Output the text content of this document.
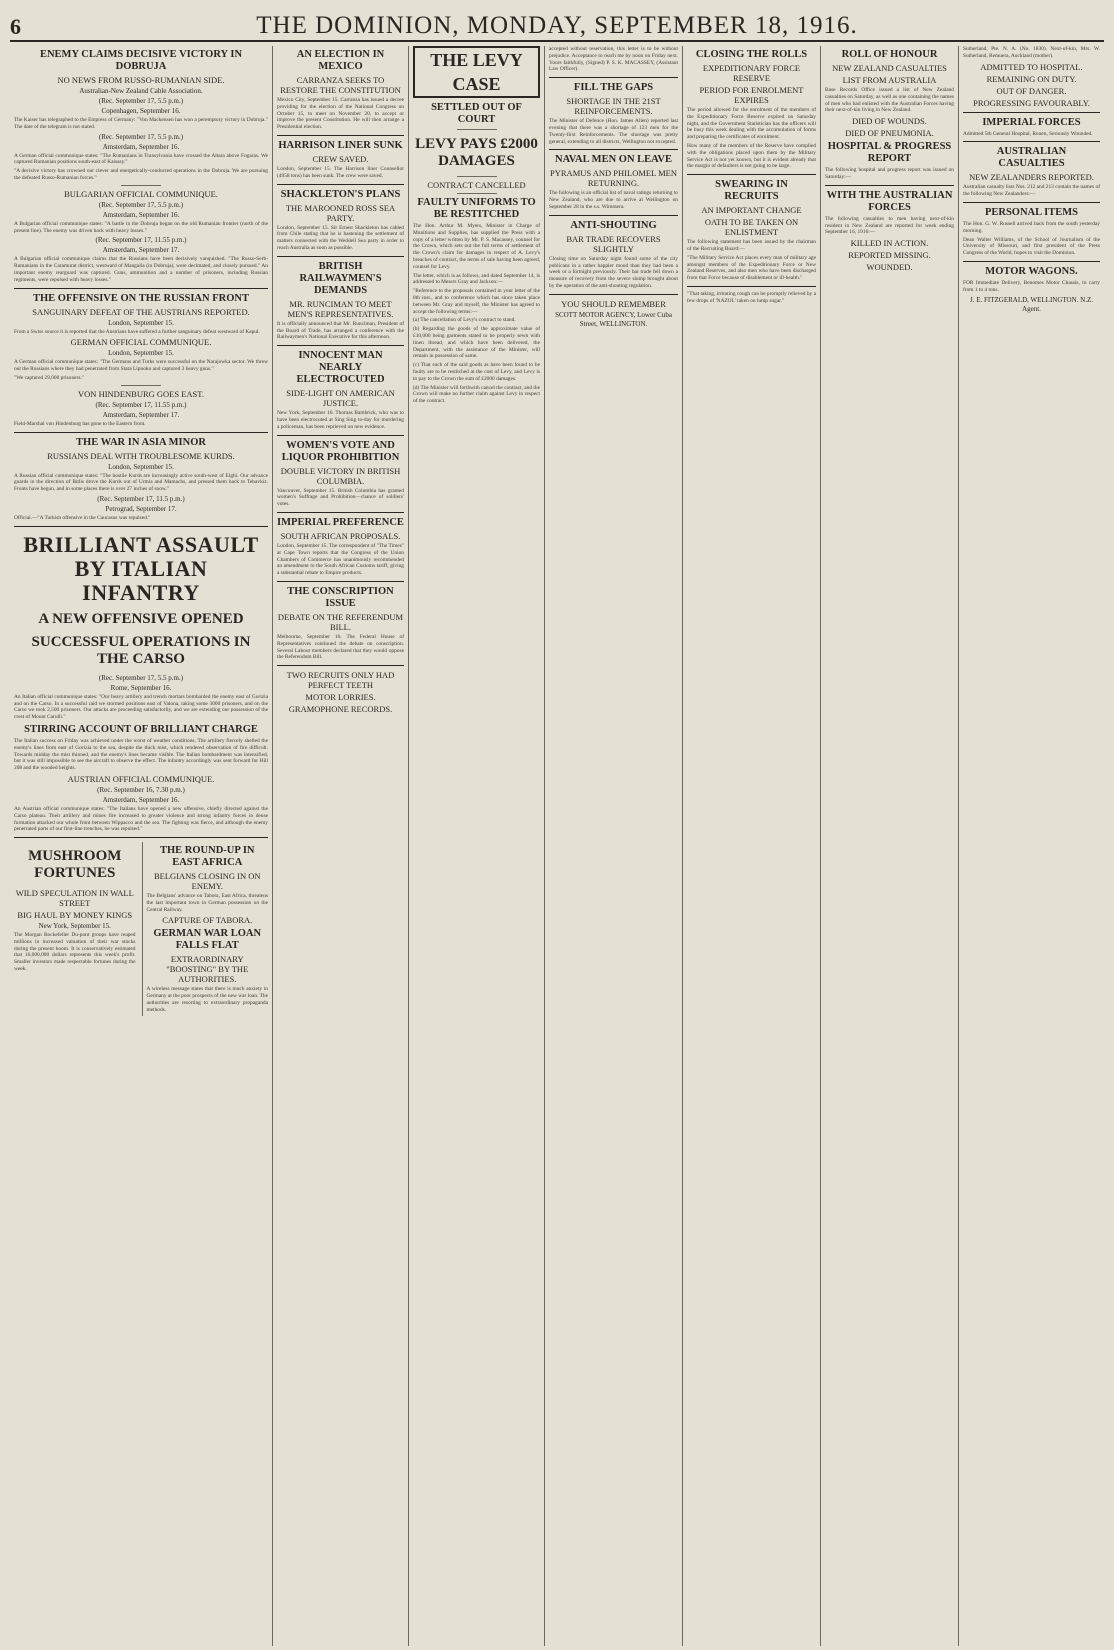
6	THE DOMINION, MONDAY, SEPTEMBER 18, 1916.
ENEMY CLAIMS DECISIVE VICTORY IN DOBRUJA
NO NEWS FROM RUSSO-RUMANIAN SIDE.
Australian-New Zealand Cable Association.
(Rec. September 17, 5.5 p.m.)
Copenhagen, September 16.

The Kaiser has telegraphed to the Empress of Germany: "Von Mackensen has won a peremptory victory in Dobruja." The date of the telegram is not stated.

(Rec. September 17, 5.5 p.m.)
Amsterdam, September 16.

A German official communique states: "The Rumanians in Transylvania have crossed the Altara above Fogaras. We captured Rumanian positions south-east of Kaisasy."

"A decisive victory has crowned our clever and energetically-conducted operations in the Dobruja. We are pursuing the defeated Russo-Rumanian forces."

BULGARIAN OFFICIAL COMMUNIQUE.
(Rec. September 17, 5.5 p.m.)
Amsterdam, September 16.

A Bulgarian official communique states: "A battle in the Dobruja began on the old Rumanian frontier (north of the present line). The enemy was driven back with heavy losses."

(Rec. September 17, 11.55 p.m.)
Amsterdam, September 17.

A Bulgarian official communique claims that the Russians have been decisively vanquished. "The Russo-Serb-Rumanians in the Caramurat district, westward of Mangalia (in Dobruja), were decimated, and closely pursued." An important enemy rearguard was captured. Guns, ammunition and a number of prisoners, including Russian regiments, were repulsed with heavy losses."

THE OFFENSIVE ON THE RUSSIAN FRONT
SANGUINARY DEFEAT OF THE AUSTRIANS REPORTED.
London, September 15.

From a Swiss source it is reported that the Austrians have suffered a further sanguinary defeat westward of Kapul.

GERMAN OFFICIAL COMMUNIQUE.
London, September 15.

A German official communique states: "The Germans and Turks were successful on the Narajowka sector. We threw out the Russians where they had penetrated from Stara Lipnoko and captured 3 heavy guns."

"We captured 29,000 prisoners."

VON HINDENBURG GOES EAST.
(Rec. September 17, 11.55 p.m.)
Amsterdam, September 17.

Field-Marshal von Hindenburg has gone to the Eastern front.

THE WAR IN ASIA MINOR
RUSSIANS DEAL WITH TROUBLESOME KURDS.
London, September 15.

A Russian official communique states: "The hostile Kurds are increasingly active south-west of Elghi. Our advance guards in the direction of Bitlis drove the Kurds out of Urmia and Mamachs, and pressed them back to Tebavkiz. Fronts have begun, and in some places there is over 27 inches of snow."

(Rec. September 17, 11.5 p.m.)
Petrograd, September 17.

Official.—"A Turkish offensive in the Caucasus was repulsed."

BRILLIANT ASSAULT BY ITALIAN INFANTRY
A NEW OFFENSIVE OPENED
SUCCESSFUL OPERATIONS IN THE CARSO
(Rec. September 17, 5.5 p.m.)
Rome, September 16.

An Italian official communique states: "Our heavy artillery and trench mortars bombarded the enemy east of Gorizia and on the Carso. In a successful raid we stormed positions east of Valona, taking some 3000 prisoners, and on the Carso we took 2,500 prisoners. Our attacks are proceeding satisfactorily, and we are extending our possession of the crest of Mount Carulli."

STIRRING ACCOUNT OF BRILLIANT CHARGE

The Italian success on Friday was achieved under the worst of weather conditions. The artillery fiercely shelled the enemy's lines from east of Gorizia to the sea, despite the thick mist, which rendered observation of fire difficult. Towards midday the mist thinned, and the enemy's lines became visible. The Italian bombardment was intensified, but it was still impossible to see the aircraft to observe the effect. The infantry accordingly was sent forward for Hill 208 and the wooded heights.

AUSTRIAN OFFICIAL COMMUNIQUE.
(Rec. September 16, 7.30 p.m.)
Amsterdam, September 16.

An Austrian official communique states: "The Italians have opened a new offensive, chiefly directed against the Carso plateau. Their artillery and mines fire increased to greater violence and strong infantry forces in dense formation attacked our whole front between Wippacco and the sea. The fighting was fierce, and although the enemy penetrated parts of our first-line trenches, he was repulsed."

MUSHROOM FORTUNES
WILD SPECULATION IN WALL STREET
BIG HAUL BY MONEY KINGS
New York, September 15.

The Morgan Rockefeller Du-pont groups have reaped millions in increased valuation of their war stocks during the present boom. It is conservatively estimated that 16,000,000 dollars represents this week's profit. Smaller investors made respectable fortunes during the week.

THE ROUND-UP IN EAST AFRICA
BELGIANS CLOSING IN ON ENEMY.

The Belgians' advance on Tabora, East Africa, threatens the last important town in German possession on the Central Railway.

CAPTURE OF TABORA.
GERMAN WAR LOAN FALLS FLAT
EXTRAORDINARY "BOOSTING" BY THE AUTHORITIES.

A wireless message states that there is much anxiety in Germany at the poor prospects of the new war loan. The authorities are resorting to extraordinary propaganda methods.

AN ELECTION IN MEXICO
CARRANZA SEEKS TO RESTORE THE CONSTITUTION

Mexico City, September 15. Carranza has issued a decree providing for the election of the National Congress on October 15, to meet on November 20, to accept or improve the present Constitution. He will then arrange a Presidential election.

HARRISON LINER SUNK
CREW SAVED.

London, September 15. The Harrison liner Counsellor (4958 tons) has been sunk. The crew were saved.

SHACKLETON'S PLANS
THE MAROONED ROSS SEA PARTY.

London, September 15. Sir Ernest Shackleton has cabled from Chile stating that he is hastening the settlement of matters connected with the Weddell Sea party in order to reach Australia as soon as possible.

BRITISH RAILWAYMEN'S DEMANDS
MR. RUNCIMAN TO MEET MEN'S REPRESENTATIVES.

It is officially announced that Mr. Runciman, President of the Board of Trade, has arranged a conference with the Railwaymen's National Executive for this afternoon.

INNOCENT MAN NEARLY ELECTROCUTED
SIDE-LIGHT ON AMERICAN JUSTICE.

New York, September 16. Thomas Bambrick, who was to have been electrocuted at Sing Sing to-day for murdering a policeman, has been reprieved on new evidence.

WOMEN'S VOTE AND LIQUOR PROHIBITION
DOUBLE VICTORY IN BRITISH COLUMBIA.

Vancouver, September 15. British Columbia has granted women's Suffrage and Prohibition—chance of soldiers' votes.

IMPERIAL PREFERENCE
SOUTH AFRICAN PROPOSALS.

London, September 15. The correspondent of "The Times" at Cape Town reports that the Congress of the Union Chambers of Commerce has unanimously recommended an amendment to the South African Customs tariff, giving a substantial rebate to Empire products.

THE CONSCRIPTION ISSUE
DEBATE ON THE REFERENDUM BILL.

Melbourne, September 16. The Federal House of Representatives continued the debate on conscription. Several Labour members declared that they would oppose the Referendum Bill.

TWO RECRUITS ONLY HAD PERFECT TEETH
MOTOR LORRIES.
GRAMOPHONE RECORDS.
THE LEVY CASE
SETTLED OUT OF COURT
LEVY PAYS £2000 DAMAGES
CONTRACT CANCELLED
FAULTY UNIFORMS TO BE RESTITCHED

The Hon. Arthur M. Myers, Minister in Charge of Munitions and Supplies, has supplied the Press with a copy of a letter written by Mr. P. S. Macassey, counsel for the Crown, which sets out the full terms of settlement of the Crown's claim for damages in respect of A. Levy's breaches of contract, the terms of sale having been agreed, counsel for Levy.

The letter, which is as follows, and dated September 14, is addressed to Messrs Gray and Jackson:—

"Reference to the proposals contained in your letter of the 8th inst., and to conference which has since taken place between Mr. Gray and myself, the Minister has agreed to accept the following terms:—

(a) The cancellation of Levy's contract to stand.

(b) Regarding the goods of the approximate value of £10,000 being garments stated to be properly sewn with linen thread, and which have been delivered, the Department, with the assistance of the Minister, will remain in possession of same.

(c) That such of the said goods as have been found to be faulty are to be restitched at the cost of Levy, and Levy is to pay to the Crown the sum of £2000 damages.

(d) The Minister will forthwith cancel the contract, and the Crown will make no further claim against Levy in respect of the contract.

accepted without reservation, this letter is to be without prejudice. Acceptance to reach me by noon on Friday next. Yours faithfully, (Signed) P. S. K. MACASSEY, (Assistant Law Officer).

FILL THE GAPS
SHORTAGE IN THE 21ST REINFORCEMENTS.

The Minister of Defence (Hon. James Allen) reported last evening that there was a shortage of 123 men for the Twenty-first Reinforcements. The shortage was pretty general, extending to all districts, Wellington not excepted.

NAVAL MEN ON LEAVE
PYRAMUS AND PHILOMEL MEN RETURNING.

The following is an official list of naval ratings returning to New Zealand, who are due to arrive at Wellington on September 28 in the s.s. Wimmera.

ANTI-SHOUTING
BAR TRADE RECOVERS SLIGHTLY

Closing time on Saturday night found some of the city publicans in a rather happier mood than they had been a week or a fortnight previously. Their bar trade fell down a measure of recovery from the severe slump brought about by the operation of the anti-shouting regulation.

YOU SHOULD REMEMBER
SCOTT MOTOR AGENCY, Lower Cuba Street, WELLINGTON.
CLOSING THE ROLLS
EXPEDITIONARY FORCE RESERVE
PERIOD FOR ENROLMENT EXPIRES

The period allowed for the enrolment of the members of the Expeditionary Force Reserve expired on Saturday night, and the Government Statistician has the officers will be busy this week dealing with the accumulation of forms and preparing the certificates of enrolment.

How many of the members of the Reserve have complied with the obligations placed upon them by the Military Service Act is not yet known, but it is evident already that the margin of defaulters is not going to be large.

SWEARING IN RECRUITS
AN IMPORTANT CHANGE
OATH TO BE TAKEN ON ENLISTMENT

The following statement has been issued by the chairman of the Recruiting Board:—

"The Military Service Act places every man of military age amongst members of the Expeditionary Force or New Zealand Reserves, and also men who have been discharged from that Force because of disablement or ill-health."

"That taking, irritating cough can be promptly relieved by a few drops of 'NAZOL' taken on lump sugar."

ROLL OF HONOUR
NEW ZEALAND CASUALTIES
LIST FROM AUSTRALIA

Base Records Office issued a list of New Zealand casualties on Saturday, as well as one containing the names of men who had enlisted with the Australian Forces having their next-of-kin living in New Zealand.

DIED OF WOUNDS.
DIED OF PNEUMONIA.
HOSPITAL & PROGRESS REPORT

The following hospital and progress report was issued on Saturday:—

WITH THE AUSTRALIAN FORCES

The following casualties to men having next-of-kin resident in New Zealand are reported for week ending September 16, 1916:—

KILLED IN ACTION.
REPORTED MISSING.
WOUNDED.

Sutherland, Pte. N. A. (No. 1830). Next-of-kin, Mrs. W. Sutherland, Remuera, Auckland (mother).

ADMITTED TO HOSPITAL.
REMAINING ON DUTY.
OUT OF DANGER.
PROGRESSING FAVOURABLY.
IMPERIAL FORCES

Admitted 5th General Hospital, Rouen, Seriously Wounded.

AUSTRALIAN CASUALTIES
NEW ZEALANDERS REPORTED.

Australian casualty lists Nos. 212 and 213 contain the names of the following New Zealanders:—

PERSONAL ITEMS

The Hon. G. W. Russell arrived back from the south yesterday morning.

Dean Walter Williams, of the School of Journalism of the University of Missouri, and first president of the Press Congress of the World, hopes to visit the Dominion.

MOTOR WAGONS.

FOR Immediate Delivery, Benomes Motor Chassis, to carry from 1 to 4 tons.

J. E. FITZGERALD, WELLINGTON. N.Z. Agent.
